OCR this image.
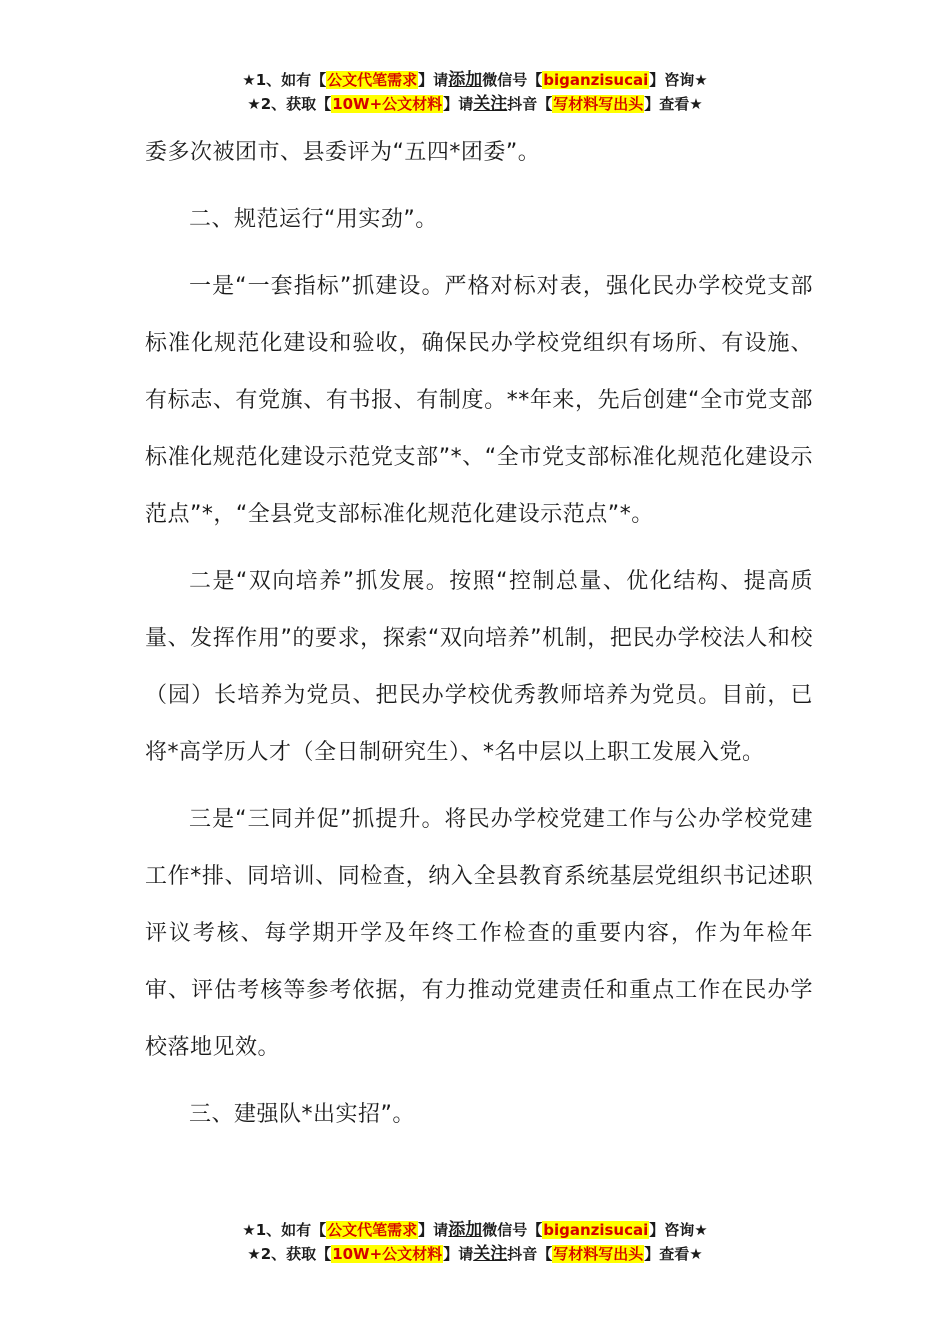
★1、如有【公文代笔需求】请添加微信号【biganzisucai】咨询★
★2、获取【10W+公文材料】请关注抖音【写材料写出头】查看★

委多次被团市、县委评为“五四*团委”。

二、规范运行“用实劲”。

一是“一套指标”抓建设。严格对标对表，强化民办学校党支部标准化规范化建设和验收，确保民办学校党组织有场所、有设施、有标志、有党旗、有书报、有制度。**年来，先后创建“全市党支部标准化规范化建设示范党支部”*、“全市党支部标准化规范化建设示范点”*，“全县党支部标准化规范化建设示范点”*。

二是“双向培养”抓发展。按照“控制总量、优化结构、提高质量、发挥作用”的要求，探索“双向培养”机制，把民办学校法人和校（园）长培养为党员、把民办学校优秀教师培养为党员。目前，已将*高学历人才（全日制研究生）、*名中层以上职工发展入党。

三是“三同并促”抓提升。将民办学校党建工作与公办学校党建工作*排、同培训、同检查，纳入全县教育系统基层党组织书记述职评议考核、每学期开学及年终工作检查的重要内容，作为年检年审、评估考核等参考依据，有力推动党建责任和重点工作在民办学校落地见效。

三、建强队*出实招”。

★1、如有【公文代笔需求】请添加微信号【biganzisucai】咨询★
★2、获取【10W+公文材料】请关注抖音【写材料写出头】查看★
